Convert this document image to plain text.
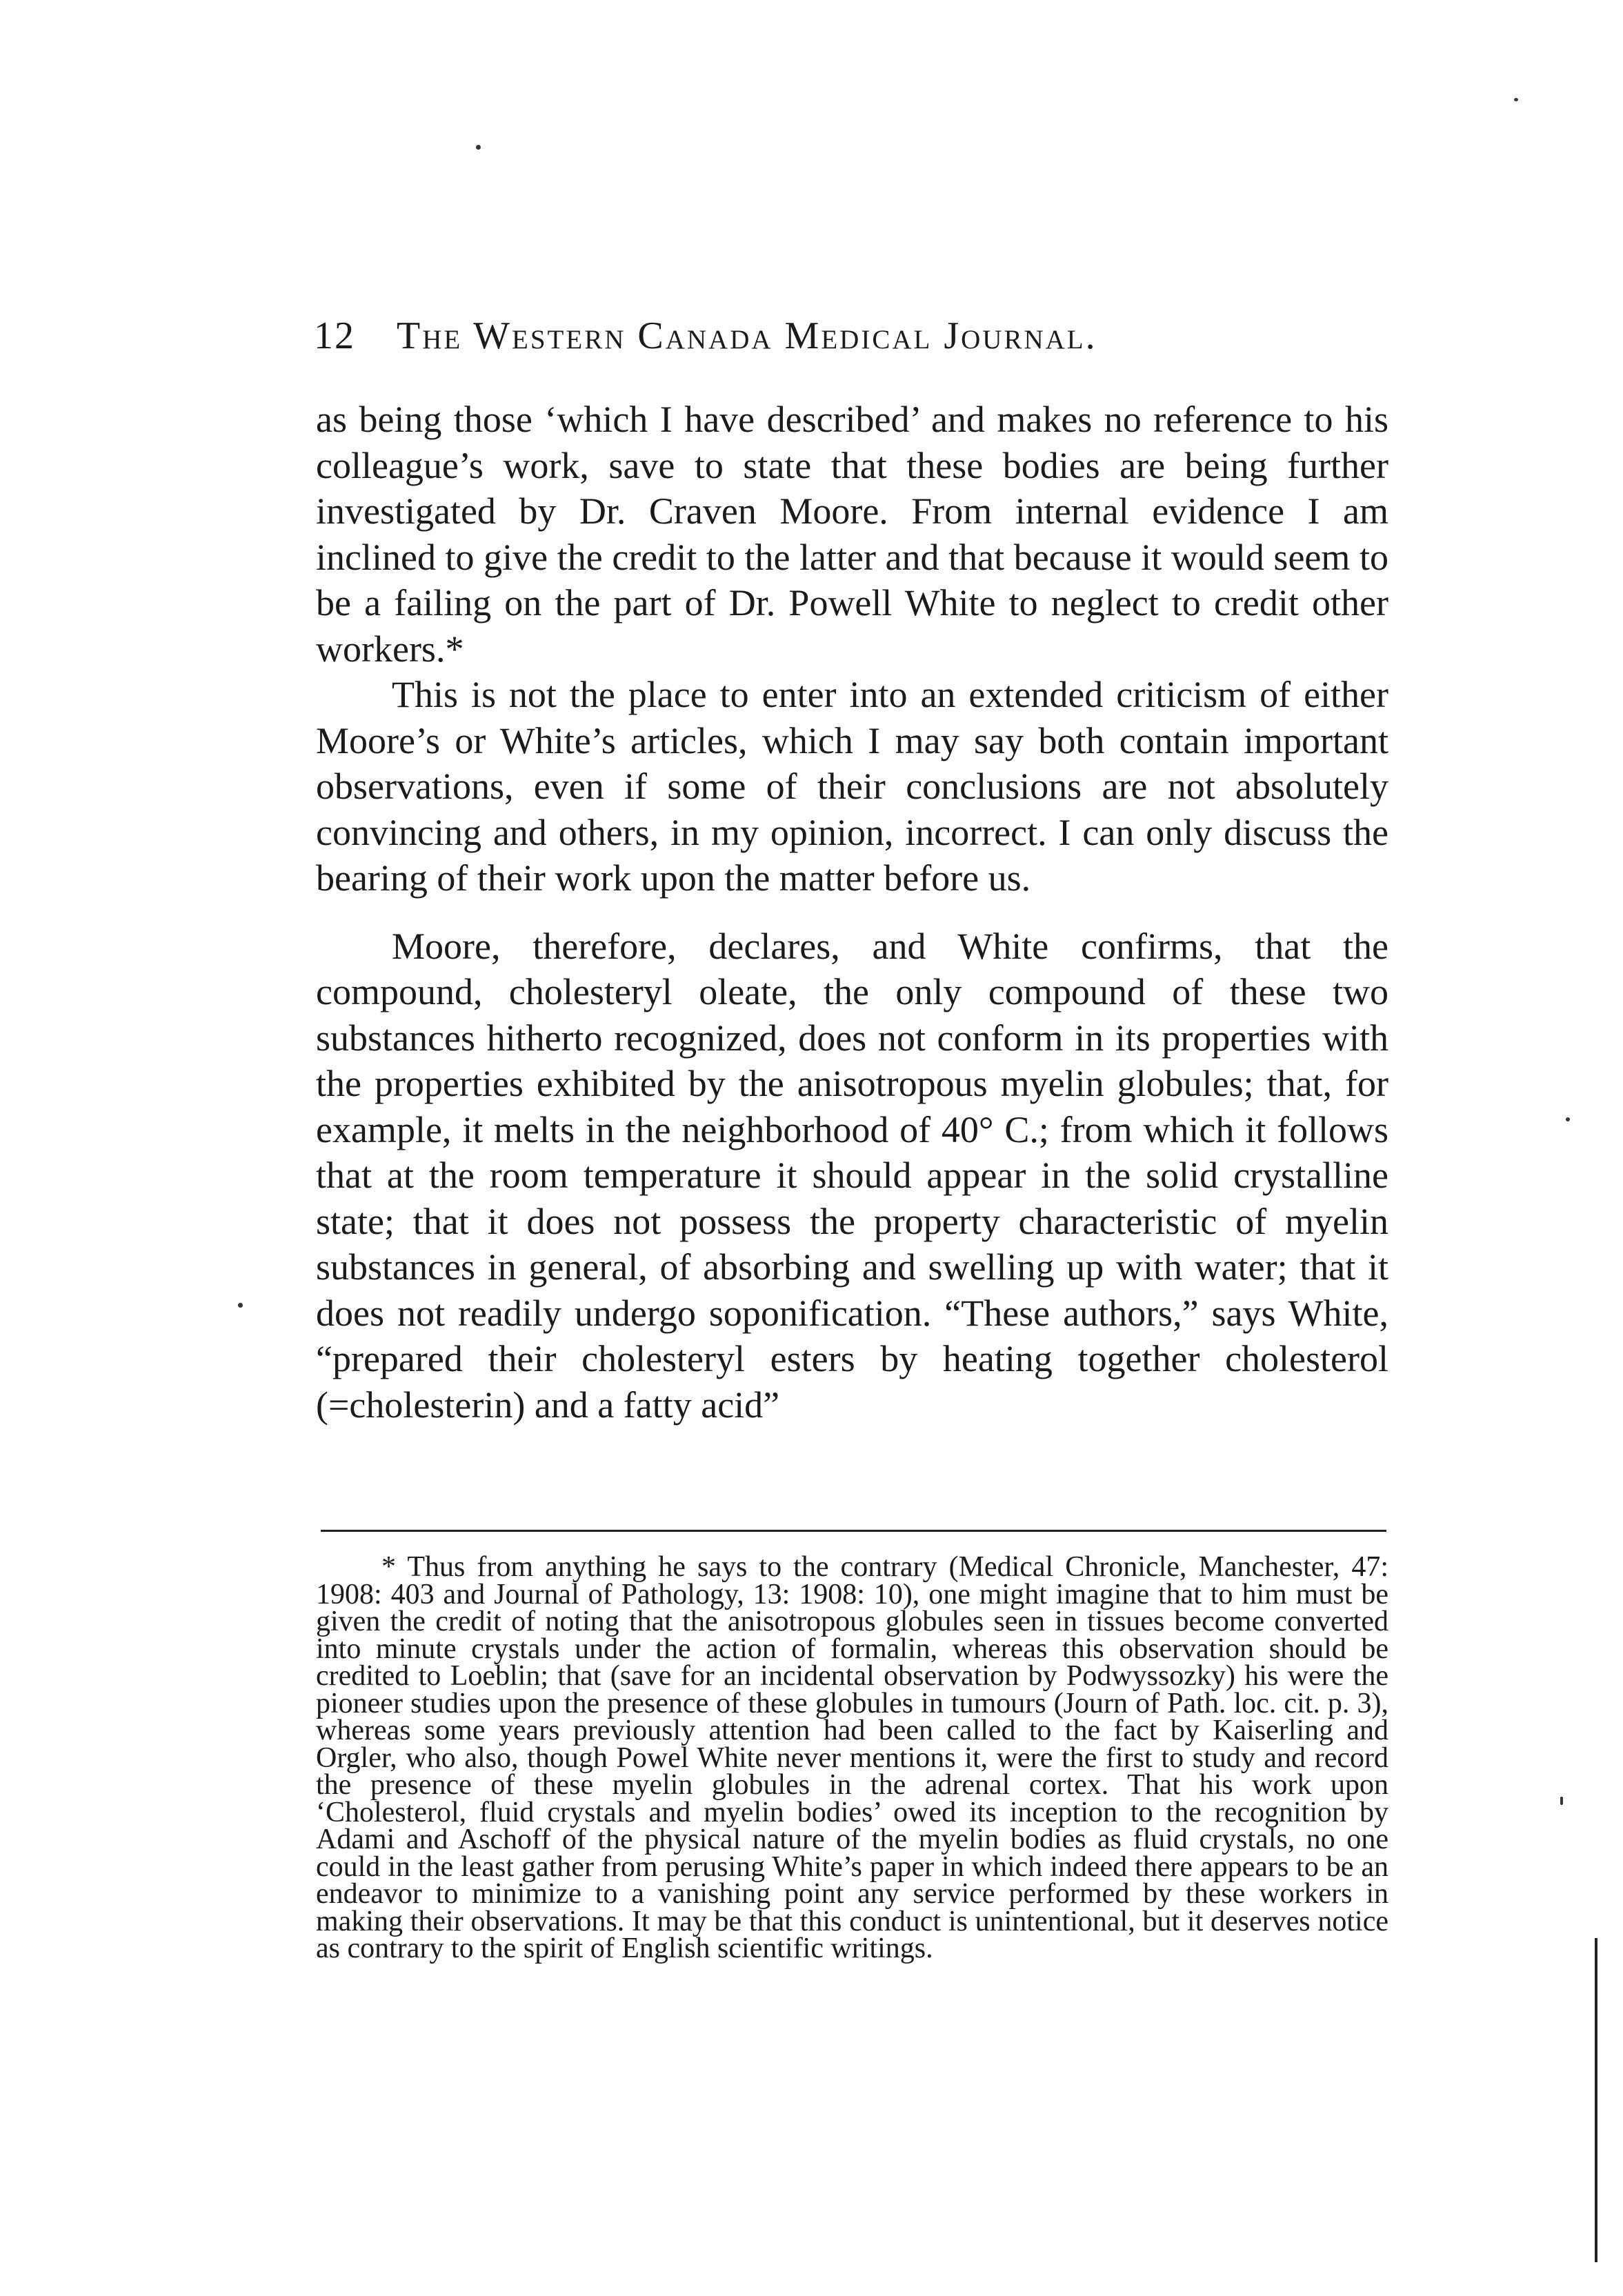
12	The Western Canada Medical Journal.

as being those ‘which I have described’ and makes no reference to his colleague’s work, save to state that these bodies are being further investigated by Dr. Craven Moore. From internal evidence I am inclined to give the credit to the latter and that because it would seem to be a failing on the part of Dr. Powell White to neglect to credit other workers.*

This is not the place to enter into an extended criticism of either Moore’s or White’s articles, which I may say both contain important observations, even if some of their conclusions are not absolutely convincing and others, in my opinion, incorrect. I can only discuss the bearing of their work upon the matter before us.

Moore, therefore, declares, and White confirms, that the compound, cholesteryl oleate, the only compound of these two substances hitherto recognized, does not conform in its properties with the properties exhibited by the anisotropous myelin globules; that, for example, it melts in the neighborhood of 40° C.; from which it follows that at the room temperature it should appear in the solid crystalline state; that it does not possess the property characteristic of myelin substances in general, of absorbing and swelling up with water; that it does not readily undergo soponification. “These authors,” says White, “prepared their cholesteryl esters by heating together cholesterol (=cholesterin) and a fatty acid”

* Thus from anything he says to the contrary (Medical Chronicle, Manchester, 47: 1908: 403 and Journal of Pathology, 13: 1908: 10), one might imagine that to him must be given the credit of noting that the anisotropous globules seen in tissues become converted into minute crystals under the action of formalin, whereas this observation should be credited to Loeblin; that (save for an incidental observation by Podwyssozky) his were the pioneer studies upon the presence of these globules in tumours (Journ of Path. loc. cit. p. 3), whereas some years previously attention had been called to the fact by Kaiserling and Orgler, who also, though Powel White never mentions it, were the first to study and record the presence of these myelin globules in the adrenal cortex. That his work upon ‘Cholesterol, fluid crystals and myelin bodies’ owed its inception to the recognition by Adami and Aschoff of the physical nature of the myelin bodies as fluid crystals, no one could in the least gather from perusing White’s paper in which indeed there appears to be an endeavor to minimize to a vanishing point any service performed by these workers in making their observations. It may be that this conduct is unintentional, but it deserves notice as contrary to the spirit of English scientific writings.
